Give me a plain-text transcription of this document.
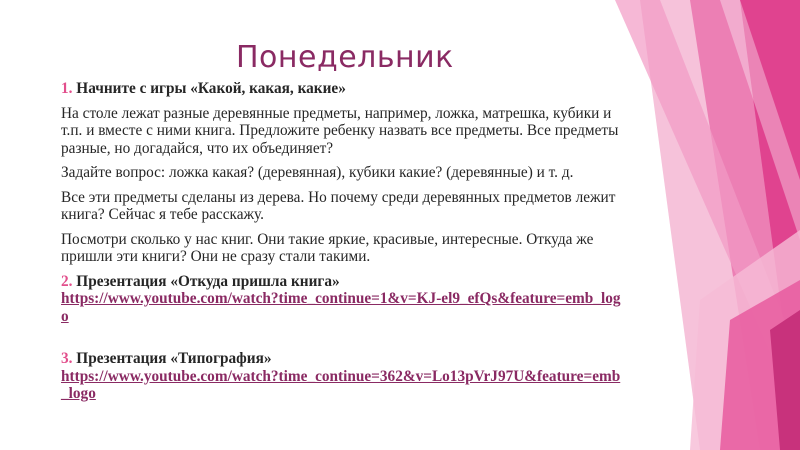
Понедельник

1. Начните с игры «Какой, какая, какие»

На столе лежат разные деревянные предметы, например, ложка, матрешка, кубики и т.п. и вместе с ними книга. Предложите ребенку назвать все предметы. Все предметы разные, но догадайся, что их объединяет?

Задайте вопрос: ложка какая? (деревянная), кубики какие? (деревянные) и т. д.

Все эти предметы сделаны из дерева. Но почему среди деревянных предметов лежит книга? Сейчас я тебе расскажу.

Посмотри сколько у нас книг. Они такие яркие, красивые, интересные. Откуда же пришли эти книги? Они не сразу стали такими.

2. Презентация «Откуда пришла книга»
https://www.youtube.com/watch?time_continue=1&v=KJ-el9_efQs&feature=emb_logo

3. Презентация «Типография»
https://www.youtube.com/watch?time_continue=362&v=Lo13pVrJ97U&feature=emb_logo
